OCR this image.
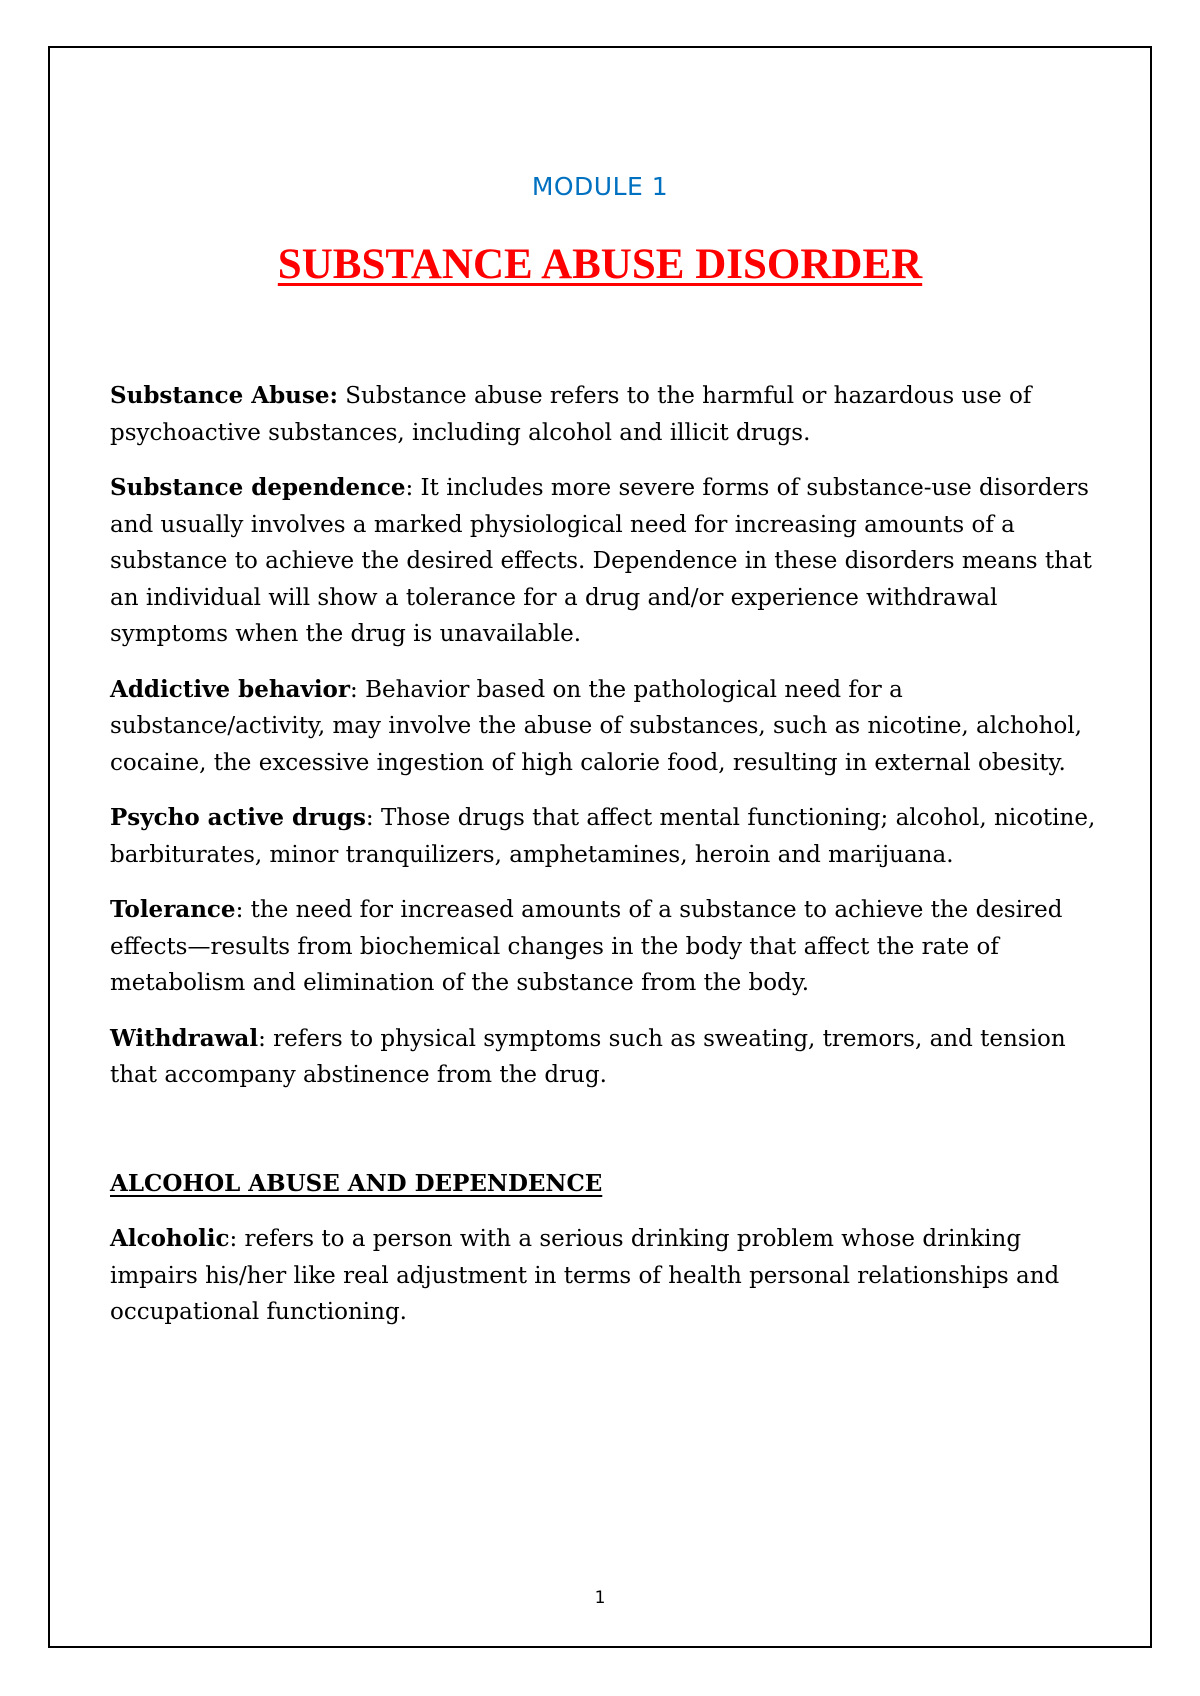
MODULE 1
SUBSTANCE ABUSE DISORDER

Substance Abuse: Substance abuse refers to the harmful or hazardous use of psychoactive substances, including alcohol and illicit drugs.

Substance dependence: It includes more severe forms of substance-use disorders and usually involves a marked physiological need for increasing amounts of a substance to achieve the desired effects. Dependence in these disorders means that an individual will show a tolerance for a drug and/or experience withdrawal symptoms when the drug is unavailable.

Addictive behavior: Behavior based on the pathological need for a substance/activity, may involve the abuse of substances, such as nicotine, alchohol, cocaine, the excessive ingestion of high calorie food, resulting in external obesity.

Psycho active drugs: Those drugs that affect mental functioning; alcohol, nicotine, barbiturates, minor tranquilizers, amphetamines, heroin and marijuana.

Tolerance: the need for increased amounts of a substance to achieve the desired effects—results from biochemical changes in the body that affect the rate of metabolism and elimination of the substance from the body.

Withdrawal: refers to physical symptoms such as sweating, tremors, and tension that accompany abstinence from the drug.

ALCOHOL ABUSE AND DEPENDENCE

Alcoholic: refers to a person with a serious drinking problem whose drinking impairs his/her like real adjustment in terms of health personal relationships and occupational functioning.

1
